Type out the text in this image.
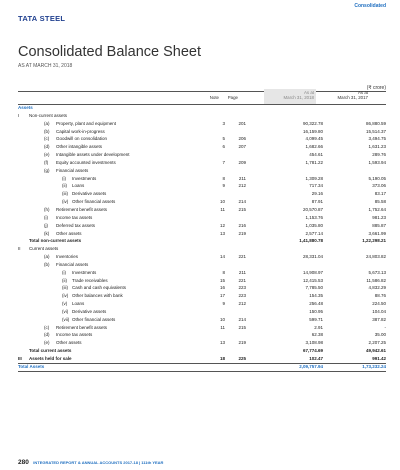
Consolidated
TATA STEEL
Consolidated Balance Sheet
AS AT MARCH 31, 2018
(₹ crore)
Note	Page
As at
March 31, 2018
As at
March 31, 2017
Assets
I Non-current assets
(a) Property, plant and equipment	3	201	90,322.78	86,880.59
(b) Capital work-in-progress	16,159.80	15,514.37
(c) Goodwill on consolidation	5	206	4,099.45	3,494.75
(d) Other intangible assets	6	207	1,682.66	1,631.23
(e) Intangible assets under development	454.61	289.76
(f) Equity accounted investments	7	209	1,781.22	1,593.94
(g) Financial assets
(i) Investments	8	211	1,309.28	5,190.05
(ii) Loans	9	212	717.34	373.06
(iii) Derivative assets	29.16	83.17
(iv) Other financial assets	10	214	87.91	85.58
(h) Retirement benefit assets	11	215	20,570.87	1,752.64
(i) Income tax assets	1,153.76	981.23
(j) Deferred tax assets	12	216	1,035.80	885.87
(k) Other assets	13	219	2,577.14	3,661.99
Total non-current assets	1,41,880.78	1,22,298.21
II Current assets
(a) Inventories	14	221	28,331.04	24,803.82
(b) Financial assets
(i) Investments	8	211	14,908.97	5,673.13
(ii) Trade receivables	15	221	12,415.53	11,586.82
(iii) Cash and cash equivalents	16	223	7,785.50	4,832.29
(iv) Other balances with bank	17	223	154.35	88.76
(v) Loans	9	212	256.48	224.50
(vi) Derivative assets	150.95	104.04
(vii) Other financial assets	10	214	599.71	387.82
(c) Retirement benefit assets	11	215	2.91	-
(d) Income tax assets	62.38	35.00
(e) Other assets	13	219	3,108.98	2,207.25
Total current assets	67,774.69	49,942.61
III Assets held for sale	18	225	102.47	991.42
Total Assets	2,09,757.94	1,73,232.24
280 INTEGRATED REPORT & ANNUAL ACCOUNTS 2017-18 | 111th YEAR
